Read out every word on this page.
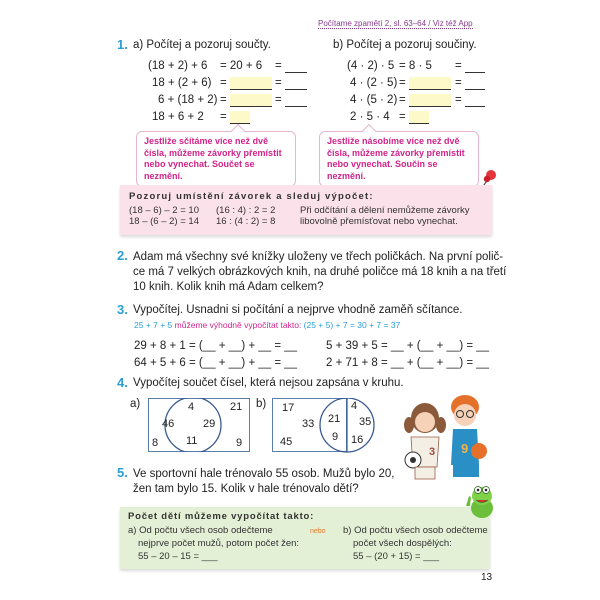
Počítame zpamětí 2, sl. 63–64 / Viz též App
1. a) Počítej a pozoruj součty.	b) Počítej a pozoruj součiny.
(18 + 2) + 6 = 20 + 6 =
18 + (2 + 6) =	=
6 + (18 + 2) =	=
18 + 6 + 2 =
(4 · 2) · 5 = 8 · 5 =
4 · (2 · 5) =	=
4 · (5 · 2) =	=
2 · 5 · 4 =
Jestliže sčítáme více než dvě čísla, můžeme závorky přemístit nebo vynechat. Součet se nezmění.
Jestliže násobíme více než dvě čísla, můžeme závorky přemístit nebo vynechat. Součin se nezmění.
Pozoruj umístění závorek a sleduj výpočet:
(18 – 6) – 2 = 10
18 – (6 – 2) = 14
(16 : 4) : 2 = 2
16 : (4 : 2) = 8
Při odčítání a dělení nemůžeme závorky
libovolně přemísťovat nebo vynechat.
2. Adam má všechny své knížky uloženy ve třech poličkách. Na první polič-
ce má 7 velkých obrázkových knih, na druhé poličce má 18 knih a na třetí
10 knih. Kolik knih má Adam celkem?
3. Vypočítej. Usnadni si počítání a nejprve vhodně zaměň sčítance.
25 + 7 + 5 můžeme výhodně vypočítat takto: (25 + 5) + 7 = 30 + 7 = 37
29 + 8 + 1 = (__ + __) + __ = __
64 + 5 + 6 = (__ + __) + __ = __
5 + 39 + 5 = __ + (__ + __) = __
2 + 71 + 8 = __ + (__ + __) = __
4. Vypočítej součet čísel, která nejsou zapsána v kruhu.
a)	4
46	29
11
21
8	9
b) 17
33
45
21
9
4
35
16
3 9
5. Ve sportovní hale trénovalo 55 osob. Mužů bylo 20,
žen tam bylo 15. Kolik v hale trénovalo dětí?
Počet dětí můžeme vypočítat takto:
a) Od počtu všech osob odečteme
nejprve počet mužů, potom počet žen:
55 – 20 – 15 = ___
nebo b) Od počtu všech osob odečteme
počet všech dospělých:
55 – (20 + 15) = ___
13
